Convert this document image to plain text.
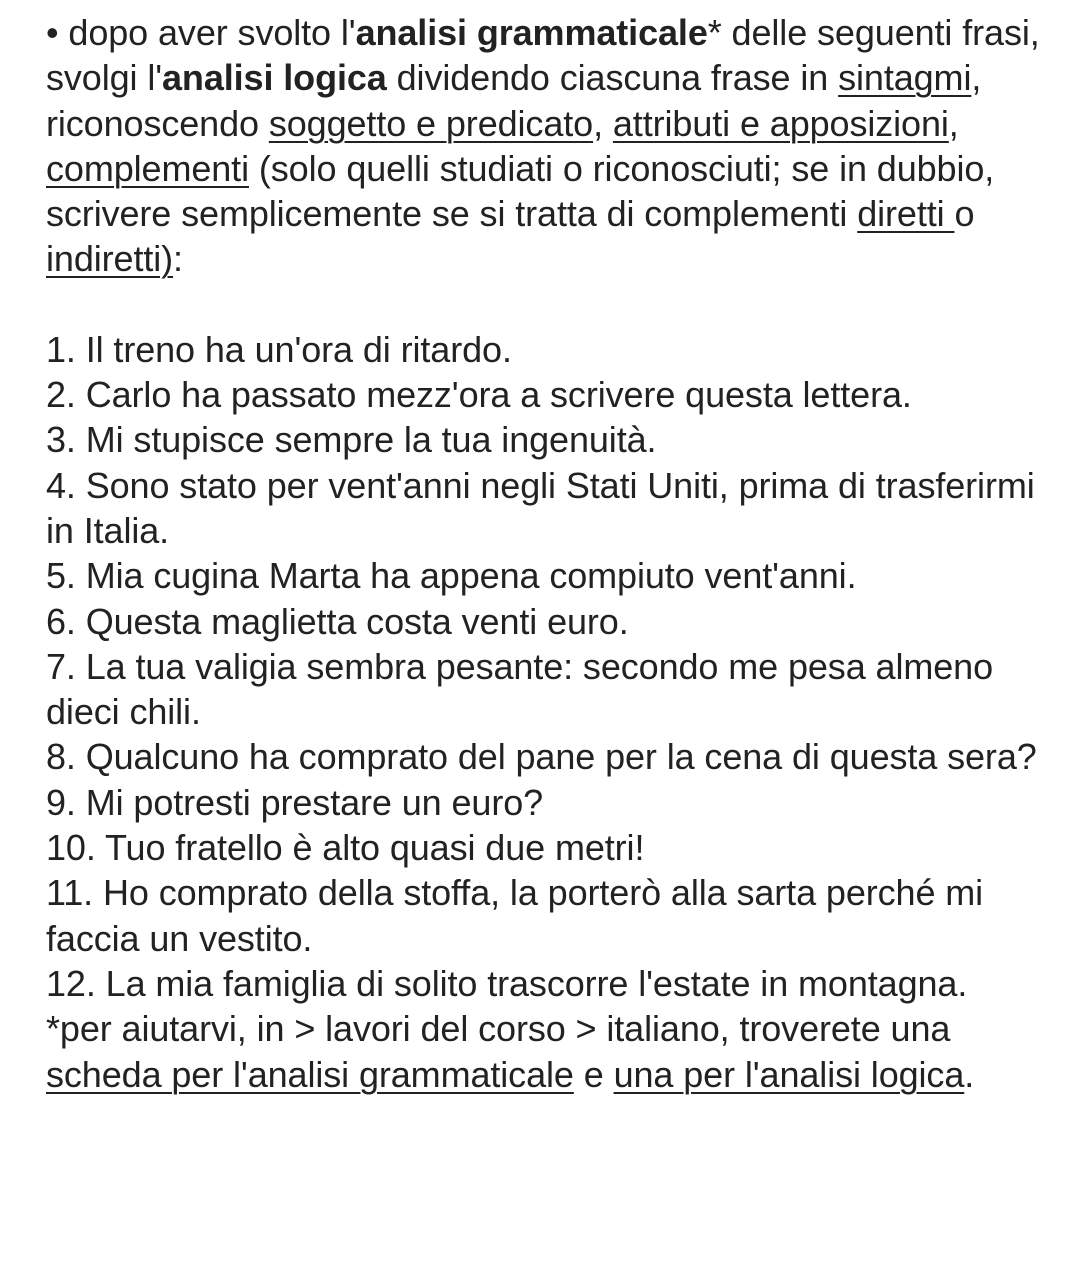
• dopo aver svolto l'analisi grammaticale* delle seguenti frasi, svolgi l'analisi logica dividendo ciascuna frase in sintagmi, riconoscendo soggetto e predicato, attributi e apposizioni, complementi (solo quelli studiati o riconosciuti; se in dubbio, scrivere semplicemente se si tratta di complementi diretti o indiretti):

1. Il treno ha un'ora di ritardo.

2. Carlo ha passato mezz'ora a scrivere questa lettera.

3. Mi stupisce sempre la tua ingenuità.

4. Sono stato per vent'anni negli Stati Uniti, prima di trasferirmi in Italia.

5. Mia cugina Marta ha appena compiuto vent'anni.

6. Questa maglietta costa venti euro.

7. La tua valigia sembra pesante: secondo me pesa almeno dieci chili.

8. Qualcuno ha comprato del pane per la cena di questa sera?

9. Mi potresti prestare un euro?

10. Tuo fratello è alto quasi due metri!

11. Ho comprato della stoffa, la porterò alla sarta perché mi faccia un vestito.

12. La mia famiglia di solito trascorre l'estate in montagna.

*per aiutarvi, in > lavori del corso > italiano, troverete una scheda per l'analisi grammaticale e una per l'analisi logica.
